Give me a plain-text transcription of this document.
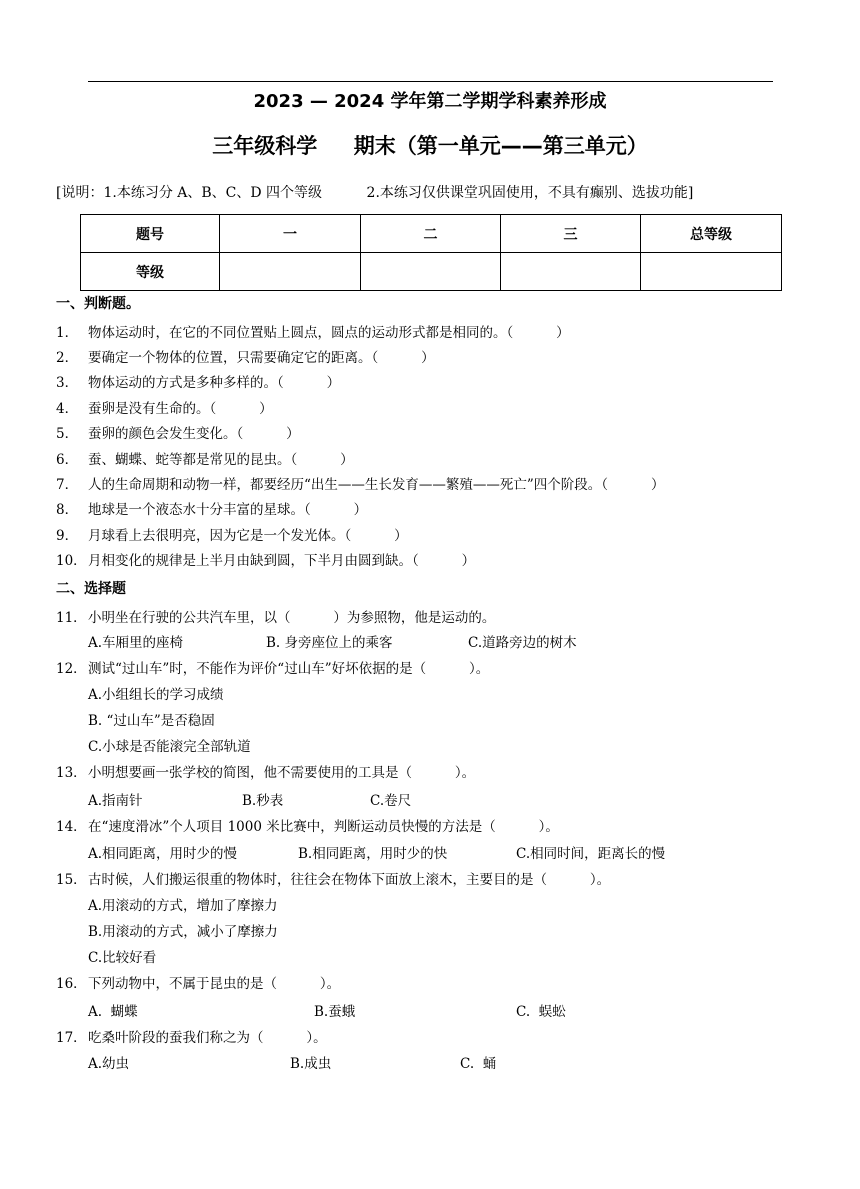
2023 — 2024 学年第二学期学科素养形成
三年级科学     期末（第一单元——第三单元）
[说明：1.本练习分 A、B、C、D 四个等级          2.本练习仅供课堂巩固使用，不具有癫别、选拔功能]
题号	一	二	三	总等级
等级				
一、判断题。
1． 物体运动时，在它的不同位置贴上圆点，圆点的运动形式都是相同的。（          ）
2． 要确定一个物体的位置，只需要确定它的距离。（          ）
3． 物体运动的方式是多种多样的。（          ）
4． 蚕卵是没有生命的。（          ）
5． 蚕卵的颜色会发生变化。（          ）
6． 蚕、蝴蝶、蛇等都是常见的昆虫。（          ）
7． 人的生命周期和动物一样，都要经历“出生——生长发育——繁殖——死亡”四个阶段。（          ）
8． 地球是一个液态水十分丰富的星球。（          ）
9． 月球看上去很明亮，因为它是一个发光体。（          ）
10．月相变化的规律是上半月由缺到圆，下半月由圆到缺。（          ）
二、选择题
11．小明坐在行驶的公共汽车里，以（          ）为参照物，他是运动的。
A.车厢里的座椅	B. 身旁座位上的乘客	C.道路旁边的树木
12．测试“过山车”时，不能作为评价“过山车”好坏依据的是（          ）。
A.小组组长的学习成绩
B. “过山车”是否稳固
C.小球是否能滚完全部轨道
13．小明想要画一张学校的简图，他不需要使用的工具是（          ）。
A.指南针	B.秒表	C.卷尺
14．在“速度滑冰”个人项目 1000 米比赛中，判断运动员快慢的方法是（          ）。
A.相同距离，用时少的慢	B.相同距离，用时少的快	C.相同时间，距离长的慢
15．古时候，人们搬运很重的物体时，往往会在物体下面放上滚木，主要目的是（          ）。
A.用滚动的方式，增加了摩擦力
B.用滚动的方式，减小了摩擦力
C.比较好看
16．下列动物中，不属于昆虫的是（          ）。
A.  蝴蝶	B.蚕蛾	C.  蜈蚣
17．吃桑叶阶段的蚕我们称之为（          ）。
A.幼虫	B.成虫	C.  蛹
